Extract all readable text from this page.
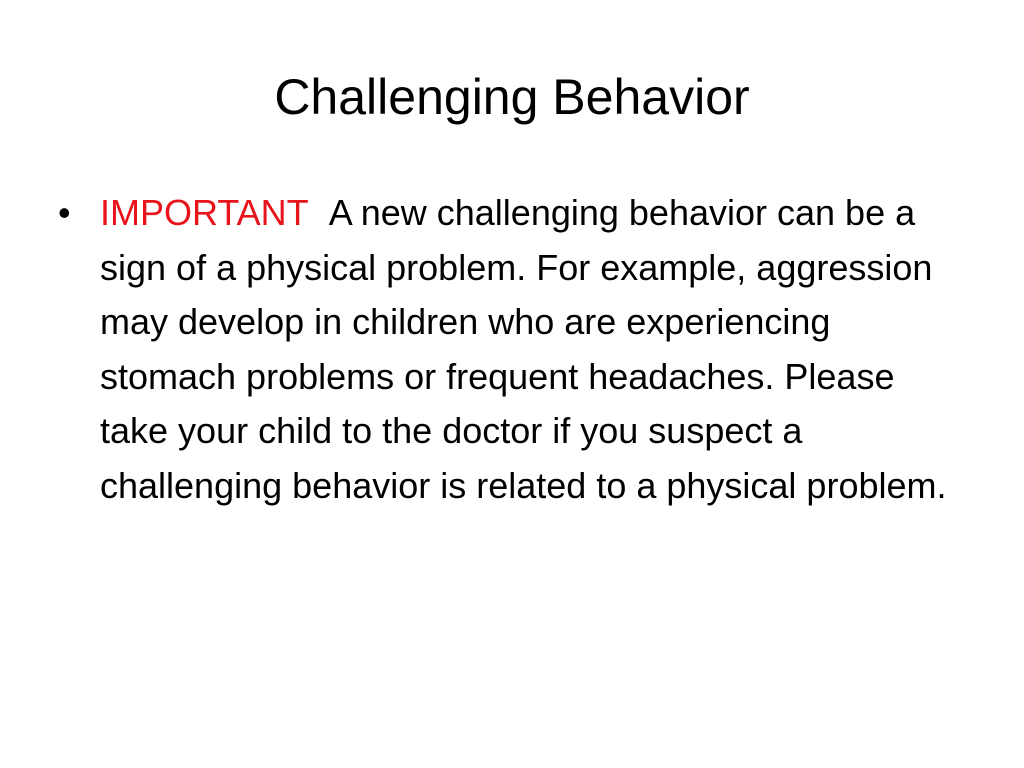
Challenging Behavior
• IMPORTANT A new challenging behavior can be a sign of a physical problem. For example, aggression may develop in children who are experiencing stomach problems or frequent headaches. Please take your child to the doctor if you suspect a challenging behavior is related to a physical problem.
